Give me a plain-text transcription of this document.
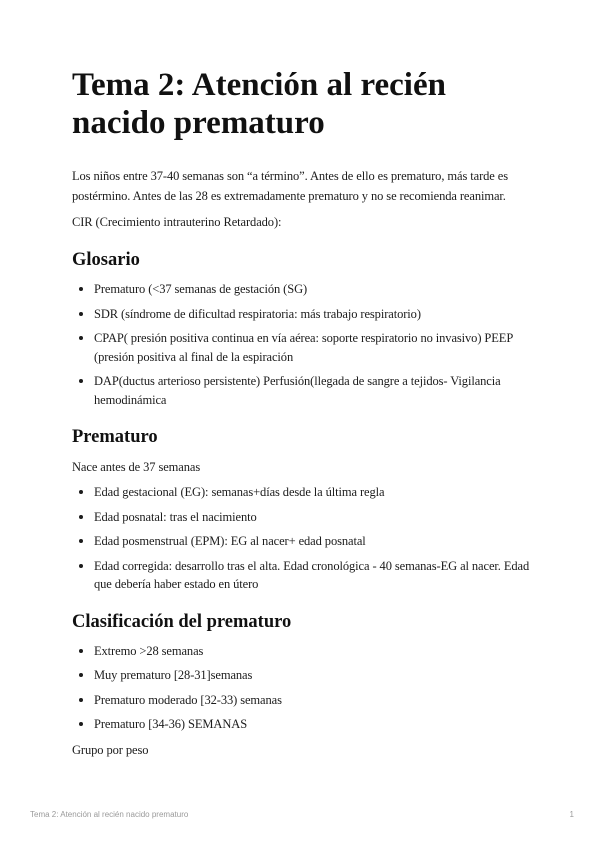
Tema 2: Atención al recién nacido prematuro

Los niños entre 37-40 semanas son “a término”. Antes de ello es prematuro, más tarde es postérmino. Antes de las 28 es extremadamente prematuro y no se recomienda reanimar.

CIR (Crecimiento intrauterino Retardado):

Glosario
Prematuro (<37 semanas de gestación (SG)
SDR (síndrome de dificultad respiratoria: más trabajo respiratorio)
CPAP( presión positiva continua en vía aérea: soporte respiratorio no invasivo) PEEP (presión positiva al final de la espiración
DAP(ductus arterioso persistente) Perfusión(llegada de sangre a tejidos- Vigilancia hemodinámica
Prematuro

Nace antes de 37 semanas

Edad gestacional (EG): semanas+días desde la última regla
Edad posnatal: tras el nacimiento
Edad posmenstrual (EPM): EG al nacer+ edad posnatal
Edad corregida: desarrollo tras el alta. Edad cronológica - 40 semanas-EG al nacer. Edad que debería haber estado en útero
Clasificación del prematuro
Extremo >28 semanas
Muy prematuro [28-31]semanas
Prematuro moderado [32-33) semanas
Prematuro [34-36) SEMANAS

Grupo por peso

Tema 2: Atención al recién nacido prematuro	1
